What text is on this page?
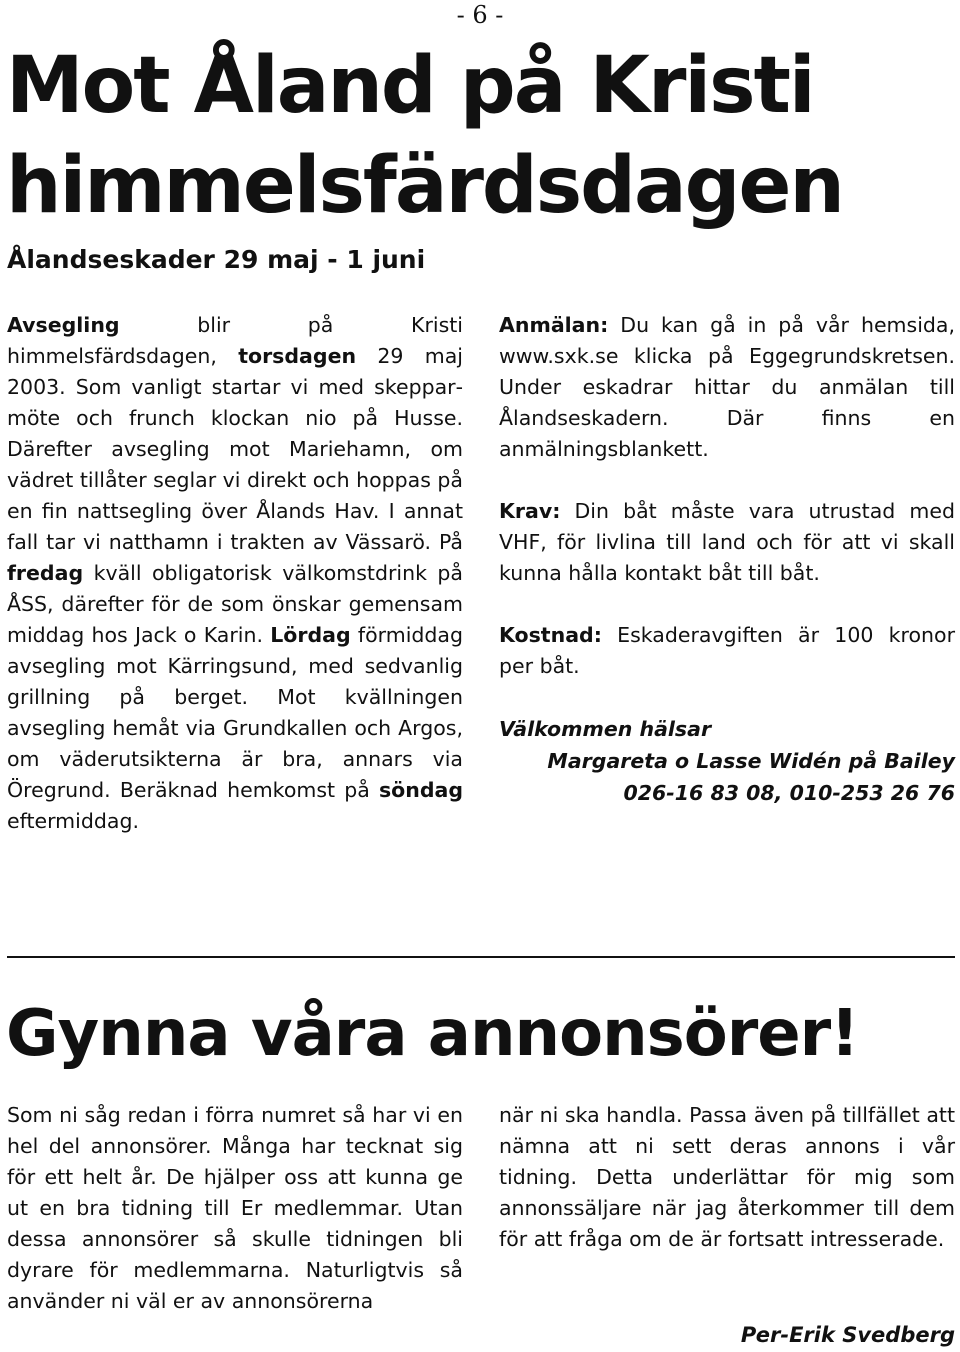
- 6 -
Mot Åland på Kristi
himmelsfärdsdagen
Ålandseskader 29 maj - 1 juni

Avsegling blir på Kristi himmelsfärdsdagen, torsdagen 29 maj 2003. Som vanligt startar vi med skepparmöte och frunch klockan nio på Husse. Därefter avsegling mot Mariehamn, om vädret tillåter seglar vi direkt och hoppas på en fin nattsegling över Ålands Hav. I annat fall tar vi natthamn i trakten av Vässarö. På fredag kväll obligatorisk välkomstdrink på ÅSS, därefter för de som önskar gemensam middag hos Jack o Karin. Lördag förmiddag avsegling mot Kärringsund, med sedvanlig grillning på berget. Mot kvällningen avsegling hemåt via Grundkallen och Argos, om väderutsikterna är bra, annars via Öregrund. Beräknad hemkomst på söndag eftermiddag.

Anmälan: Du kan gå in på vår hemsida, www.sxk.se klicka på Eggegrundskretsen. Under eskadrar hittar du anmälan till Ålandseskadern. Där finns en anmälningsblankett.

Krav: Din båt måste vara utrustad med VHF, för livlina till land och för att vi skall kunna hålla kontakt båt till båt.

Kostnad: Eskaderavgiften är 100 kronor per båt.

Välkommen hälsar

Margareta o Lasse Widén på Bailey

026-16 83 08, 010-253 26 76

Gynna våra annonsörer!

Som ni såg redan i förra numret så har vi en hel del annonsörer. Många har tecknat sig för ett helt år. De hjälper oss att kunna ge ut en bra tidning till Er medlemmar. Utan dessa annonsörer så skulle tidningen bli dyrare för medlemmarna. Naturligtvis så använder ni väl er av annonsörerna

när ni ska handla. Passa även på tillfället att nämna att ni sett deras annons i vår tidning. Detta underlättar för mig som annonssäljare när jag återkommer till dem för att fråga om de är fortsatt intresserade.

Per-Erik Svedberg
